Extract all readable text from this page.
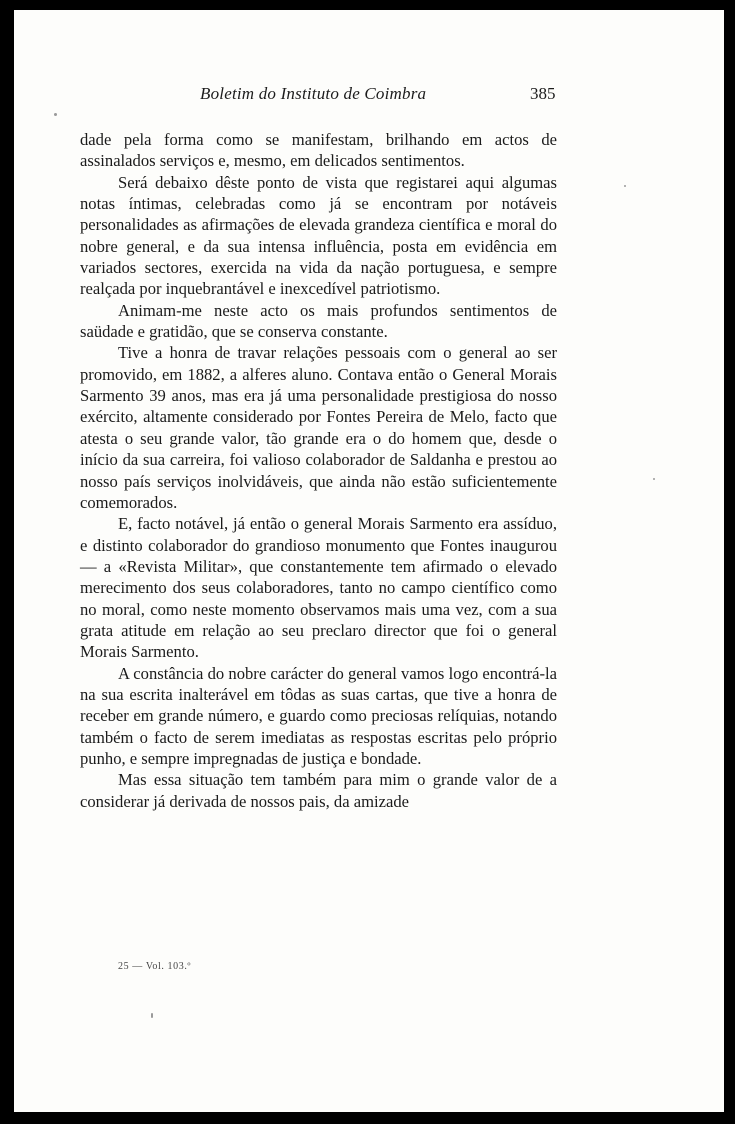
Boletim do Instituto de Coimbra	385

dade pela forma como se manifestam, brilhando em actos de assinalados serviços e, mesmo, em delicados sentimentos.

Será debaixo dêste ponto de vista que registarei aqui algumas notas íntimas, celebradas como já se encontram por notáveis personalidades as afirmações de elevada grandeza científica e moral do nobre general, e da sua intensa influência, posta em evidência em variados sectores, exercida na vida da nação portuguesa, e sempre realçada por inquebrantável e inexcedível patriotismo.

Animam-me neste acto os mais profundos sentimentos de saüdade e gratidão, que se conserva constante.

Tive a honra de travar relações pessoais com o general ao ser promovido, em 1882, a alferes aluno. Contava então o General Morais Sarmento 39 anos, mas era já uma personalidade prestigiosa do nosso exército, altamente considerado por Fontes Pereira de Melo, facto que atesta o seu grande valor, tão grande era o do homem que, desde o início da sua carreira, foi valioso colaborador de Saldanha e prestou ao nosso país serviços inolvidáveis, que ainda não estão suficientemente comemorados.

E, facto notável, já então o general Morais Sarmento era assíduo, e distinto colaborador do grandioso monumento que Fontes inaugurou — a «Revista Militar», que constantemente tem afirmado o elevado merecimento dos seus colaboradores, tanto no campo científico como no moral, como neste momento observamos mais uma vez, com a sua grata atitude em relação ao seu preclaro director que foi o general Morais Sarmento.

A constância do nobre carácter do general vamos logo encontrá-la na sua escrita inalterável em tôdas as suas cartas, que tive a honra de receber em grande número, e guardo como preciosas relíquias, notando também o facto de serem imediatas as respostas escritas pelo próprio punho, e sempre impregnadas de justiça e bondade.

Mas essa situação tem também para mim o grande valor de a considerar já derivada de nossos pais, da amizade

25 — Vol. 103.º
